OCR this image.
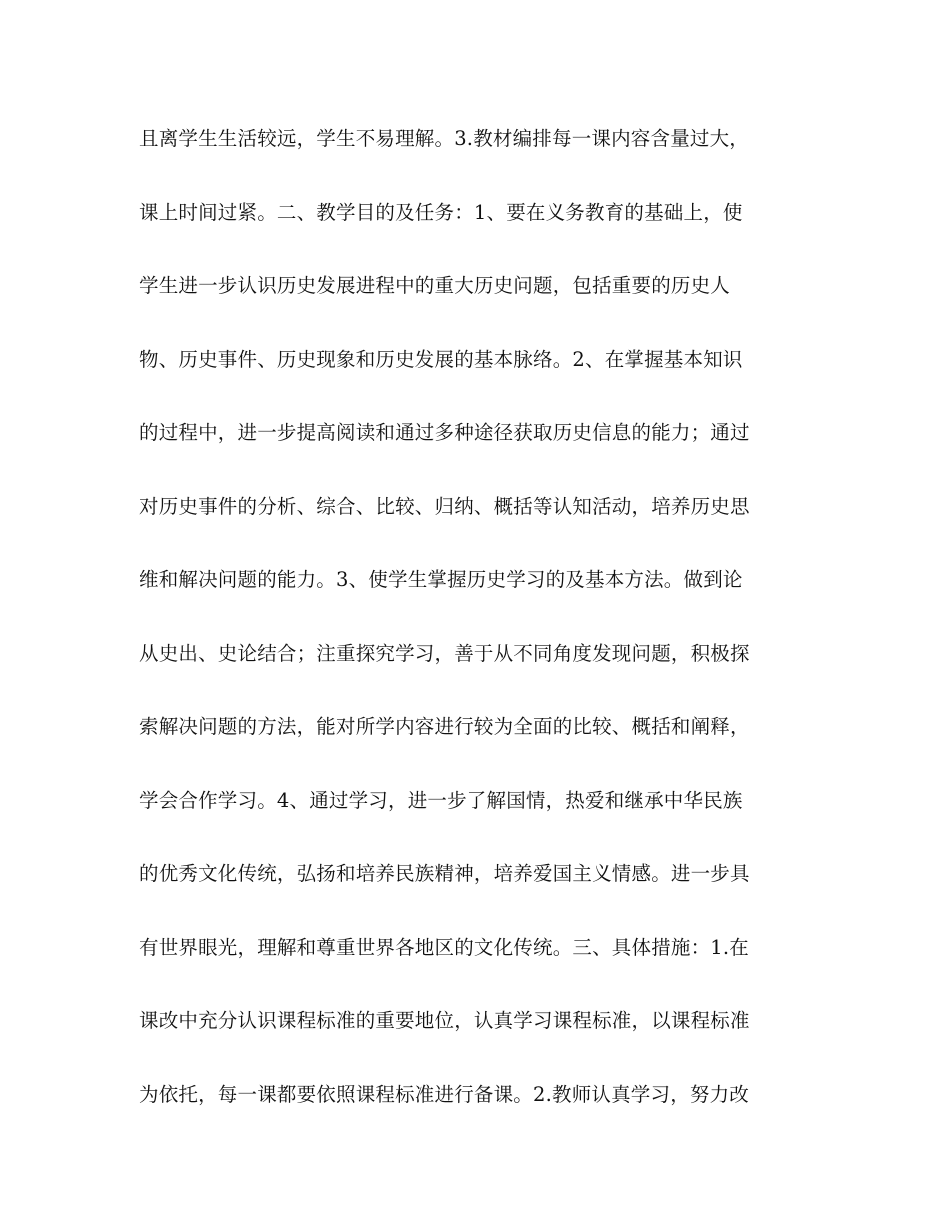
且离学生生活较远，学生不易理解。3.教材编排每一课内容含量过大，
课上时间过紧。二、教学目的及任务：1、要在义务教育的基础上，使
学生进一步认识历史发展进程中的重大历史问题，包括重要的历史人
物、历史事件、历史现象和历史发展的基本脉络。2、在掌握基本知识
的过程中，进一步提高阅读和通过多种途径获取历史信息的能力；通过
对历史事件的分析、综合、比较、归纳、概括等认知活动，培养历史思
维和解决问题的能力。3、使学生掌握历史学习的及基本方法。做到论
从史出、史论结合；注重探究学习，善于从不同角度发现问题，积极探
索解决问题的方法，能对所学内容进行较为全面的比较、概括和阐释，
学会合作学习。4、通过学习，进一步了解国情，热爱和继承中华民族
的优秀文化传统，弘扬和培养民族精神，培养爱国主义情感。进一步具
有世界眼光，理解和尊重世界各地区的文化传统。三、具体措施：1.在
课改中充分认识课程标准的重要地位，认真学习课程标准，以课程标准
为依托，每一课都要依照课程标准进行备课。2.教师认真学习，努力改
